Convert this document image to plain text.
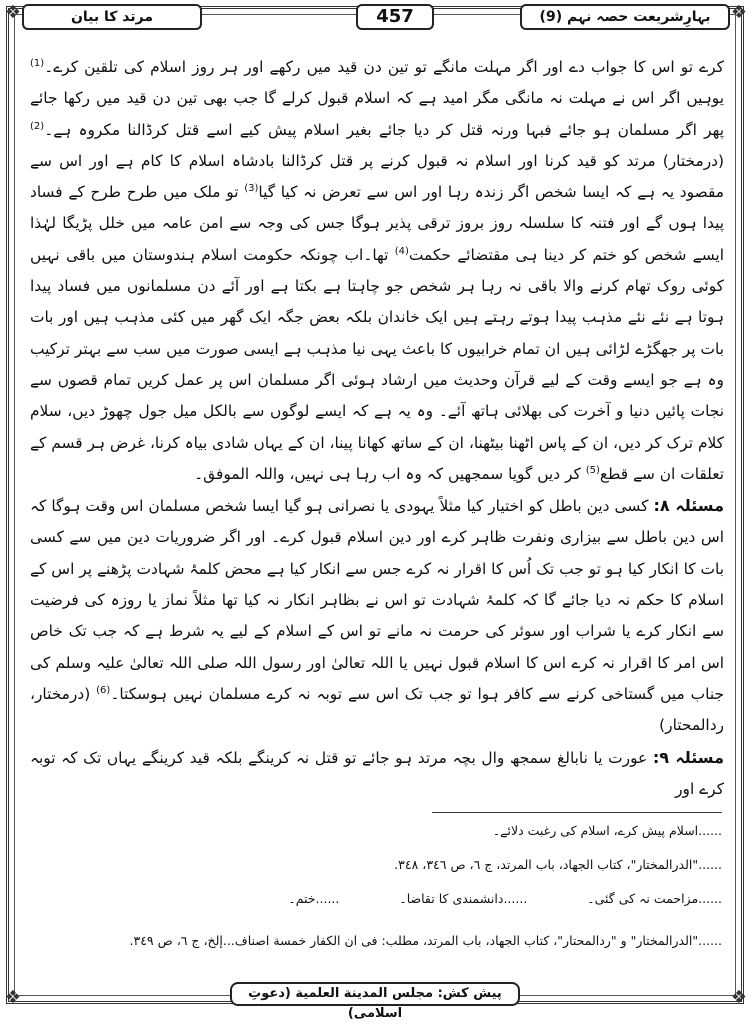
❖	❖
❖	❖
بہارِشریعت حصہ نہم (9)
457
مرتد کا بیان

کرے تو اس کا جواب دے اور اگر مہلت مانگے تو تین دن قید میں رکھے اور ہر روز اسلام کی تلقین کرے۔$^{(1)}$ یوہیں اگر اس نے مہلت نہ مانگی مگر امید ہے کہ اسلام قبول کرلے گا جب بھی تین دن قید میں رکھا جائے پھر اگر مسلمان ہو جائے فبہا ورنہ قتل کر دیا جائے بغیر اسلام پیش کیے اسے قتل کرڈالنا مکروہ ہے۔$^{(2)}$ (درمختار) مرتد کو قید کرنا اور اسلام نہ قبول کرنے پر قتل کرڈالنا بادشاہ اسلام کا کام ہے اور اس سے مقصود یہ ہے کہ ایسا شخص اگر زندہ رہا اور اس سے تعرض نہ کیا گیا$^{(3)}$ تو ملک میں طرح طرح کے فساد پیدا ہوں گے اور فتنہ کا سلسلہ روز بروز ترقی پذیر ہوگا جس کی وجہ سے امن عامہ میں خلل پڑیگا لہٰذا ایسے شخص کو ختم کر دینا ہی مقتضائے حکمت$^{(4)}$ تھا۔اب چونکہ حکومت اسلام ہندوستان میں باقی نہیں کوئی روک تھام کرنے والا باقی نہ رہا ہر شخص جو چاہتا ہے بکتا ہے اور آئے دن مسلمانوں میں فساد پیدا ہوتا ہے نئے نئے مذہب پیدا ہوتے رہتے ہیں ایک خاندان بلکہ بعض جگہ ایک گھر میں کئی مذہب ہیں اور بات بات پر جھگڑے لڑائی ہیں ان تمام خرابیوں کا باعث یہی نیا مذہب ہے ایسی صورت میں سب سے بہتر ترکیب وہ ہے جو ایسے وقت کے لیے قرآن وحدیث میں ارشاد ہوئی اگر مسلمان اس پر عمل کریں تمام قصوں سے نجات پائیں دنیا و آخرت کی بھلائی ہاتھ آئے۔ وہ یہ ہے کہ ایسے لوگوں سے بالکل میل جول چھوڑ دیں، سلام کلام ترک کر دیں، ان کے پاس اٹھنا بیٹھنا، ان کے ساتھ کھانا پینا، ان کے یہاں شادی بیاہ کرنا، غرض ہر قسم کے تعلقات ان سے قطع$^{(5)}$ کر دیں گویا سمجھیں کہ وہ اب رہا ہی نہیں، واللہ الموفق۔

مسئلہ ۸: کسی دین باطل کو اختیار کیا مثلاً یہودی یا نصرانی ہو گیا ایسا شخص مسلمان اس وقت ہوگا کہ اس دین باطل سے بیزاری ونفرت ظاہر کرے اور دین اسلام قبول کرے۔ اور اگر ضروریات دین میں سے کسی بات کا انکار کیا ہو تو جب تک اُس کا اقرار نہ کرے جس سے انکار کیا ہے محض کلمۂ شہادت پڑھنے پر اس کے اسلام کا حکم نہ دیا جائے گا کہ کلمۂ شہادت تو اس نے بظاہر انکار نہ کیا تھا مثلاً نماز یا روزہ کی فرضیت سے انکار کرے یا شراب اور سوئر کی حرمت نہ مانے تو اس کے اسلام کے لیے یہ شرط ہے کہ جب تک خاص اس امر کا اقرار نہ کرے اس کا اسلام قبول نہیں یا اللہ تعالیٰ اور رسول اللہ صلی اللہ تعالیٰ علیہ وسلم کی جناب میں گستاخی کرنے سے کافر ہوا تو جب تک اس سے توبہ نہ کرے مسلمان نہیں ہوسکتا۔$^{(6)}$ (درمختار، ردالمحتار)

مسئلہ ۹: عورت یا نابالغ سمجھ وال بچہ مرتد ہو جائے تو قتل نہ کرینگے بلکہ قید کرینگے یہاں تک کہ توبہ کرے اور

......اسلام پیش کرے، اسلام کی رغبت دلائے۔
......"الدرالمختار"، کتاب الجهاد، باب المرتد، ج ٦، ص ٣٤٦، ٣٤٨.
......مزاحمت نہ کی گئی۔
......دانشمندی کا تقاضا۔
......ختم۔
......"الدرالمختار" و "ردالمحتار"، کتاب الجهاد، باب المرتد، مطلب: فی ان الکفار خمسة اصناف...إلخ، ج ٦، ص ٣٤٩.
پیش کش: مجلس المدينة العلمية (دعوتِ اسلامی)
